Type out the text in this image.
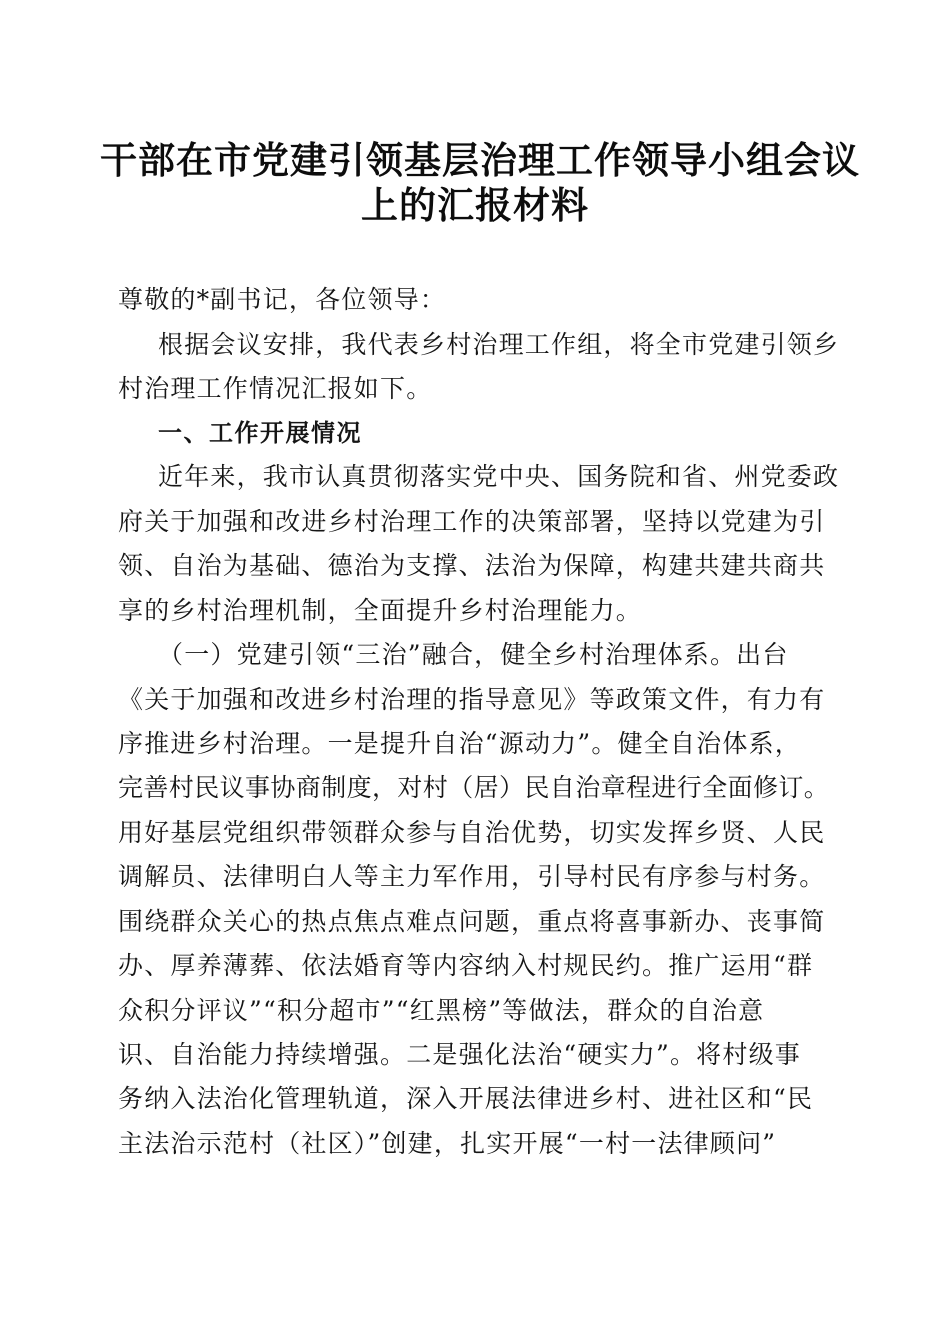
干部在市党建引领基层治理工作领导小组会议
上的汇报材料
尊敬的*副书记，各位领导：
根据会议安排，我代表乡村治理工作组，将全市党建引领乡
村治理工作情况汇报如下。
一、工作开展情况
近年来，我市认真贯彻落实党中央、国务院和省、州党委政
府关于加强和改进乡村治理工作的决策部署，坚持以党建为引
领、自治为基础、德治为支撑、法治为保障，构建共建共商共
享的乡村治理机制，全面提升乡村治理能力。
（一）党建引领“三治”融合，健全乡村治理体系。出台
《关于加强和改进乡村治理的指导意见》等政策文件，有力有
序推进乡村治理。一是提升自治“源动力”。健全自治体系，
完善村民议事协商制度，对村（居）民自治章程进行全面修订。
用好基层党组织带领群众参与自治优势，切实发挥乡贤、人民
调解员、法律明白人等主力军作用，引导村民有序参与村务。
围绕群众关心的热点焦点难点问题，重点将喜事新办、丧事简
办、厚养薄葬、依法婚育等内容纳入村规民约。推广运用“群
众积分评议”“积分超市”“红黑榜”等做法，群众的自治意
识、自治能力持续增强。二是强化法治“硬实力”。将村级事
务纳入法治化管理轨道，深入开展法律进乡村、进社区和“民
主法治示范村（社区）”创建，扎实开展“一村一法律顾问”
